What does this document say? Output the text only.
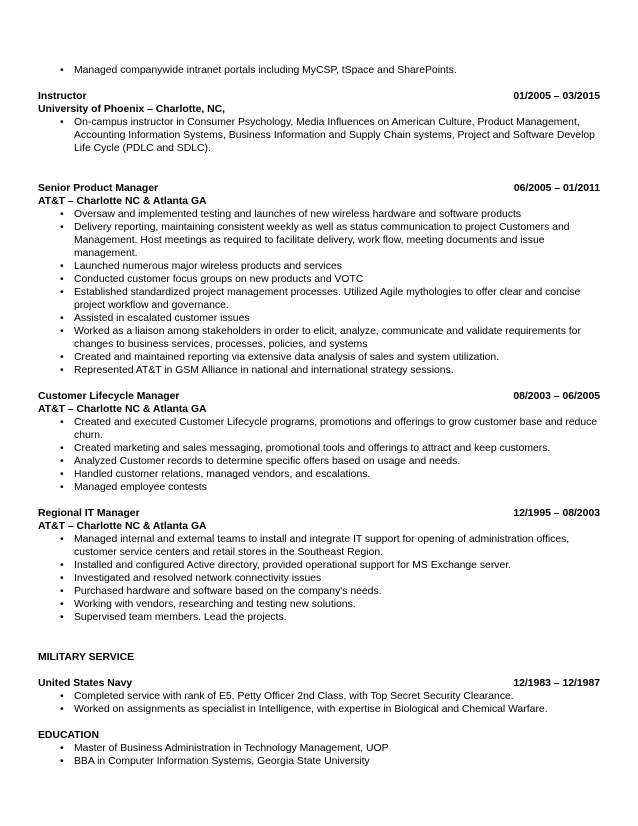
• Managed companywide intranet portals including MyCSP, tSpace and SharePoints.
Instructor	01/2005 – 03/2015
University of Phoenix – Charlotte, NC,
• On-campus instructor in Consumer Psychology, Media Influences on American Culture, Product Management, Accounting Information Systems, Business Information and Supply Chain systems, Project and Software Develop Life Cycle (PDLC and SDLC).
Senior Product Manager	06/2005 – 01/2011
AT&T – Charlotte NC & Atlanta GA
• Oversaw and implemented testing and launches of new wireless hardware and software products
• Delivery reporting, maintaining consistent weekly as well as status communication to project Customers and Management. Host meetings as required to facilitate delivery, work flow, meeting documents and issue management.
• Launched numerous major wireless products and services
• Conducted customer focus groups on new products and VOTC
• Established standardized project management processes. Utilized Agile mythologies to offer clear and concise project workflow and governance.
• Assisted in escalated customer issues
• Worked as a liaison among stakeholders in order to elicit, analyze, communicate and validate requirements for changes to business services, processes, policies, and systems
• Created and maintained reporting via extensive data analysis of sales and system utilization.
• Represented AT&T in GSM Alliance in national and international strategy sessions.
Customer Lifecycle Manager	08/2003 – 06/2005
AT&T – Charlotte NC & Atlanta GA
• Created and executed Customer Lifecycle programs, promotions and offerings to grow customer base and reduce churn.
• Created marketing and sales messaging, promotional tools and offerings to attract and keep customers.
• Analyzed Customer records to determine specific offers based on usage and needs.
• Handled customer relations, managed vendors, and escalations.
• Managed employee contests
Regional IT Manager	12/1995 – 08/2003
AT&T – Charlotte NC & Atlanta GA
• Managed internal and external teams to install and integrate IT support for opening of administration offices, customer service centers and retail stores in the Southeast Region.
• Installed and configured Active directory, provided operational support for MS Exchange server.
• Investigated and resolved network connectivity issues
• Purchased hardware and software based on the company's needs.
• Working with vendors, researching and testing new solutions.
• Supervised team members. Lead the projects.
MILITARY SERVICE
United States Navy	12/1983 – 12/1987
• Completed service with rank of E5, Petty Officer 2nd Class, with Top Secret Security Clearance.
• Worked on assignments as specialist in Intelligence, with expertise in Biological and Chemical Warfare.
EDUCATION
• Master of Business Administration in Technology Management, UOP
• BBA in Computer Information Systems, Georgia State University
